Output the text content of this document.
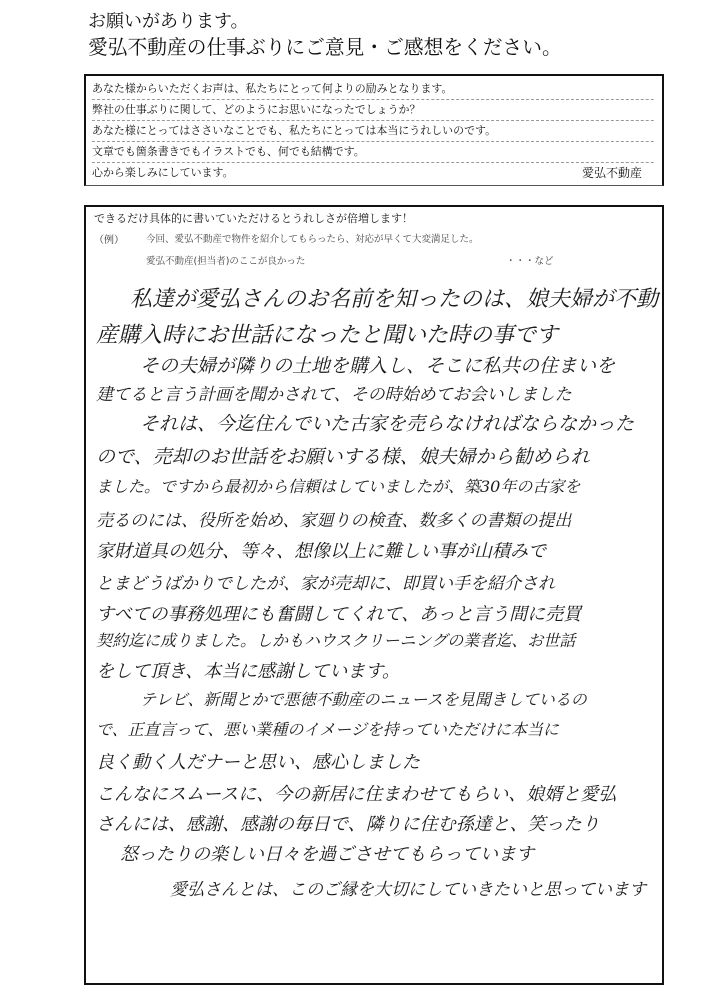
お願いがあります。
愛弘不動産の仕事ぶりにご意見・ご感想をください。
あなた様からいただくお声は、私たちにとって何よりの励みとなります。
弊社の仕事ぶりに関して、どのようにお思いになったでしょうか？
あなた様にとってはささいなことでも、私たちにとっては本当にうれしいのです。
文章でも箇条書きでもイラストでも、何でも結構です。
心から楽しみにしています。	愛弘不動産
できるだけ具体的に書いていただけるとうれしさが倍増します！
（例） 今回、愛弘不動産で物件を紹介してもらったら、対応が早くて大変満足した。
愛弘不動産(担当者)のここが良かった	・・・など
私達が愛弘さんのお名前を知ったのは、娘夫婦が不動
産購入時にお世話になったと聞いた時の事です
その夫婦が隣りの土地を購入し、そこに私共の住まいを
建てると言う計画を聞かされて、その時始めてお会いしました
それは、今迄住んでいた古家を売らなければならなかった
ので、売却のお世話をお願いする様、娘夫婦から勧められ
ました。ですから最初から信頼はしていましたが、築30年の古家を
売るのには、役所を始め、家廻りの検査、数多くの書類の提出
家財道具の処分、等々、想像以上に難しい事が山積みで
とまどうばかりでしたが、家が売却に、即買い手を紹介され
すべての事務処理にも奮闘してくれて、あっと言う間に売買
契約迄に成りました。しかもハウスクリーニングの業者迄、お世話
をして頂き、本当に感謝しています。
テレビ、新聞とかで悪徳不動産のニュースを見聞きしているの
で、正直言って、悪い業種のイメージを持っていただけに本当に
良く動く人だナーと思い、感心しました
こんなにスムースに、今の新居に住まわせてもらい、娘婿と愛弘
さんには、感謝、感謝の毎日で、隣りに住む孫達と、笑ったり
怒ったりの楽しい日々を過ごさせてもらっています
愛弘さんとは、このご縁を大切にしていきたいと思っています
